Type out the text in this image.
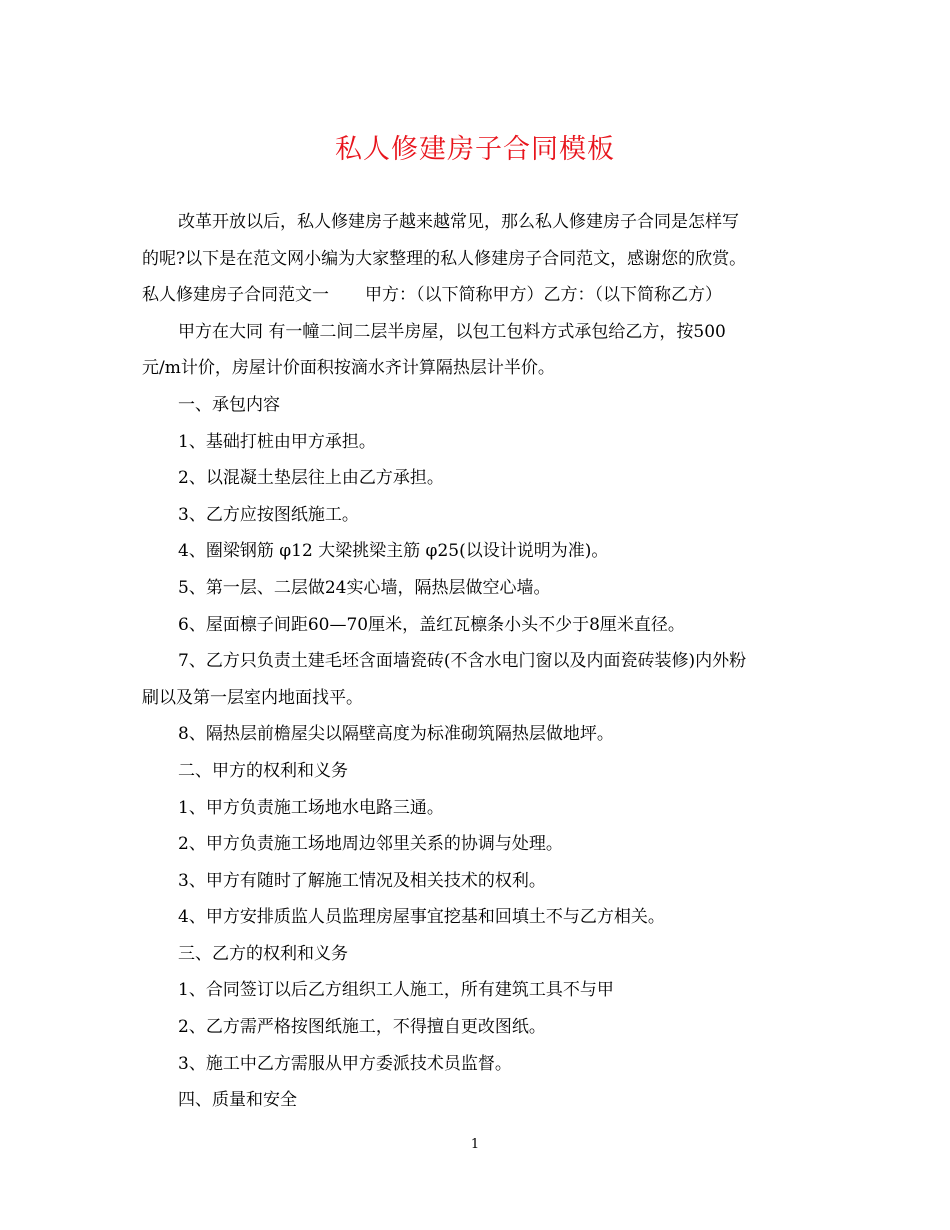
私人修建房子合同模板

改革开放以后，私人修建房子越来越常见，那么私人修建房子合同是怎样写

的呢?以下是在范文网小编为大家整理的私人修建房子合同范文，感谢您的欣赏。

私人修建房子合同范文一 甲方：（以下简称甲方）乙方：（以下简称乙方）

甲方在大同 有一幢二间二层半房屋，以包工包料方式承包给乙方，按500

元/m计价，房屋计价面积按滴水齐计算隔热层计半价。

一、承包内容

1、基础打桩由甲方承担。

2、以混凝土垫层往上由乙方承担。

3、乙方应按图纸施工。

4、圈梁钢筋 φ12 大梁挑梁主筋 φ25(以设计说明为准)。

5、第一层、二层做24实心墙，隔热层做空心墙。

6、屋面檩子间距60—70厘米，盖红瓦檩条小头不少于8厘米直径。

7、乙方只负责土建毛坯含面墙瓷砖(不含水电门窗以及内面瓷砖装修)内外粉

刷以及第一层室内地面找平。

8、隔热层前檐屋尖以隔壁高度为标准砌筑隔热层做地坪。

二、甲方的权利和义务

1、甲方负责施工场地水电路三通。

2、甲方负责施工场地周边邻里关系的协调与处理。

3、甲方有随时了解施工情况及相关技术的权利。

4、甲方安排质监人员监理房屋事宜挖基和回填土不与乙方相关。

三、乙方的权利和义务

1、合同签订以后乙方组织工人施工，所有建筑工具不与甲

2、乙方需严格按图纸施工，不得擅自更改图纸。

3、施工中乙方需服从甲方委派技术员监督。

四、质量和安全

1
